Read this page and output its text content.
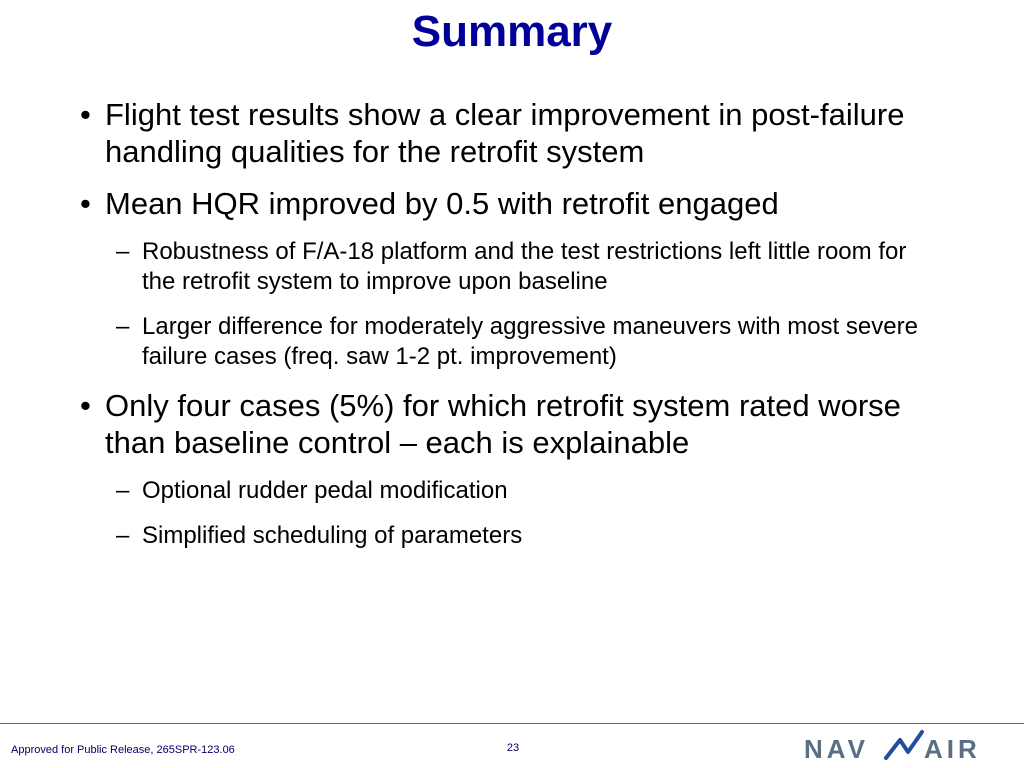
Summary
• Flight test results show a clear improvement in post-failure handling qualities for the retrofit system
• Mean HQR improved by 0.5 with retrofit engaged
– Robustness of F/A-18 platform and the test restrictions left little room for the retrofit system to improve upon baseline
– Larger difference for moderately aggressive maneuvers with most severe failure cases (freq. saw 1-2 pt. improvement)
• Only four cases (5%) for which retrofit system rated worse than baseline control – each is explainable
– Optional rudder pedal modification
– Simplified scheduling of parameters
Approved for Public Release, 265SPR-123.06	23	NAV AIR
